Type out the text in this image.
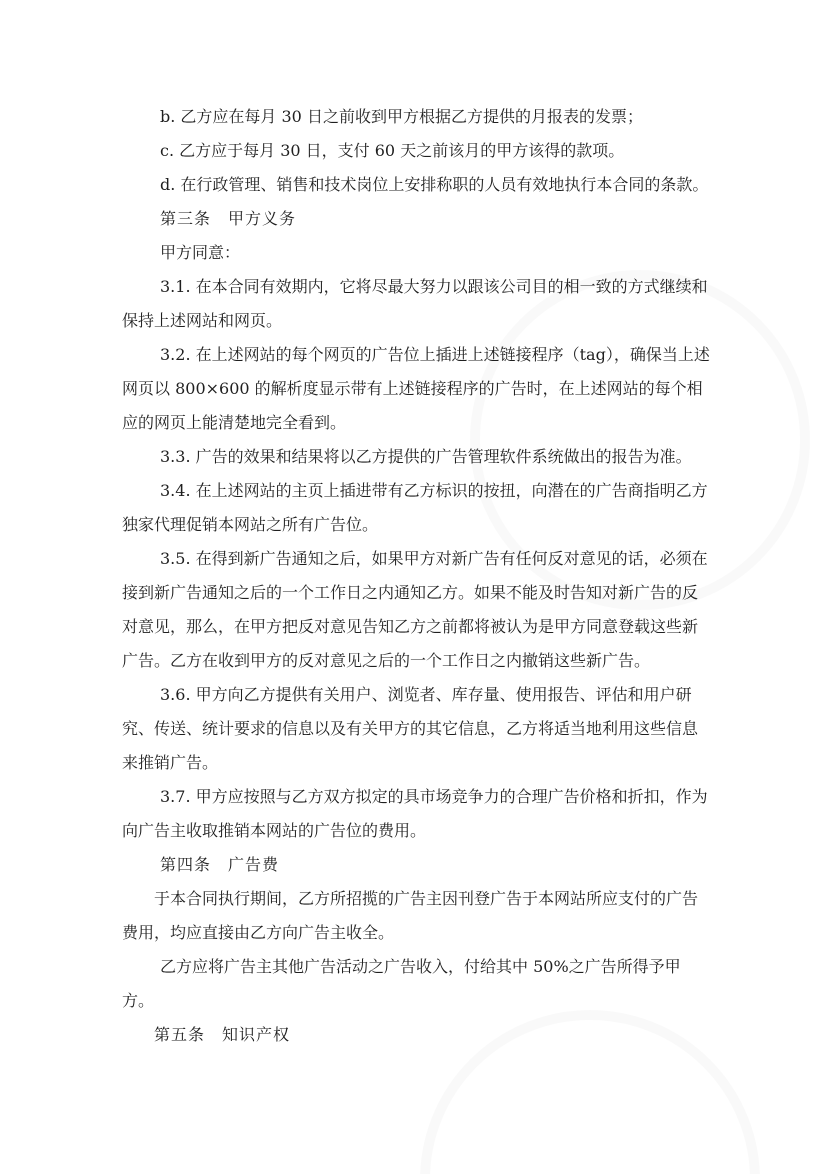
b. 乙方应在每月 30 日之前收到甲方根据乙方提供的月报表的发票；

c. 乙方应于每月 30 日，支付 60 天之前该月的甲方该得的款项。

d. 在行政管理、销售和技术岗位上安排称职的人员有效地执行本合同的条款。

第三条　甲方义务

甲方同意：

3.1. 在本合同有效期内，它将尽最大努力以跟该公司目的相一致的方式继续和保持上述网站和网页。

3.2. 在上述网站的每个网页的广告位上插进上述链接程序（tag），确保当上述网页以 800×600 的解析度显示带有上述链接程序的广告时，在上述网站的每个相应的网页上能清楚地完全看到。

3.3. 广告的效果和结果将以乙方提供的广告管理软件系统做出的报告为准。

3.4. 在上述网站的主页上插进带有乙方标识的按扭，向潜在的广告商指明乙方独家代理促销本网站之所有广告位。

3.5. 在得到新广告通知之后，如果甲方对新广告有任何反对意见的话，必须在接到新广告通知之后的一个工作日之内通知乙方。如果不能及时告知对新广告的反对意见，那么，在甲方把反对意见告知乙方之前都将被认为是甲方同意登载这些新广告。乙方在收到甲方的反对意见之后的一个工作日之内撤销这些新广告。

3.6. 甲方向乙方提供有关用户、浏览者、库存量、使用报告、评估和用户研究、传送、统计要求的信息以及有关甲方的其它信息，乙方将适当地利用这些信息来推销广告。

3.7. 甲方应按照与乙方双方拟定的具市场竞争力的合理广告价格和折扣，作为向广告主收取推销本网站的广告位的费用。

第四条　广告费

于本合同执行期间，乙方所招揽的广告主因刊登广告于本网站所应支付的广告费用，均应直接由乙方向广告主收全。

乙方应将广告主其他广告活动之广告收入，付给其中 50%之广告所得予甲方。

第五条　知识产权
